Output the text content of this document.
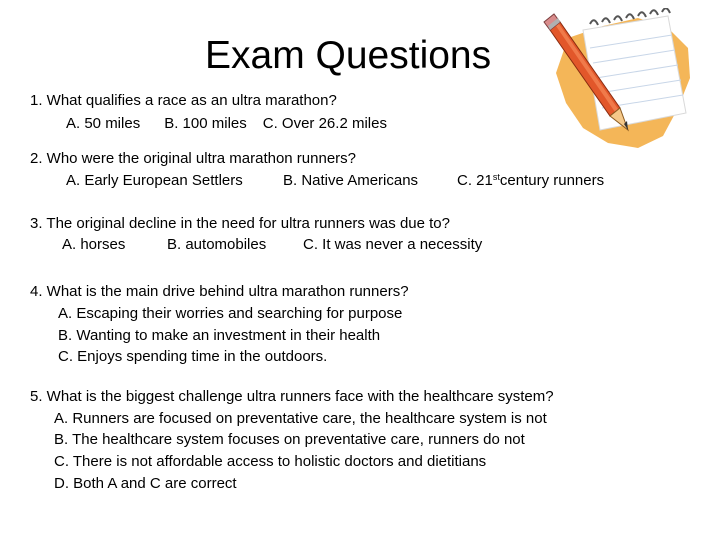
Exam Questions
1. What qualifies a race as an ultra marathon?
A. 50 miles B. 100 miles C. Over 26.2 miles
2. Who were the original ultra marathon runners?
A. Early European Settlers	B. Native Americans	C. 21stcentury runners
3. The original decline in the need for ultra runners was due to?
A. horses	B. automobiles C. It was never a necessity
4. What is the main drive behind ultra marathon runners?
A. Escaping their worries and searching for purpose
B. Wanting to make an investment in their health
C. Enjoys spending time in the outdoors.
5. What is the biggest challenge ultra runners face with the healthcare system?
A. Runners are focused on preventative care, the healthcare system is not
B. The healthcare system focuses on preventative care, runners do not
C. There is not affordable access to holistic doctors and dietitians
D. Both A and C are correct
